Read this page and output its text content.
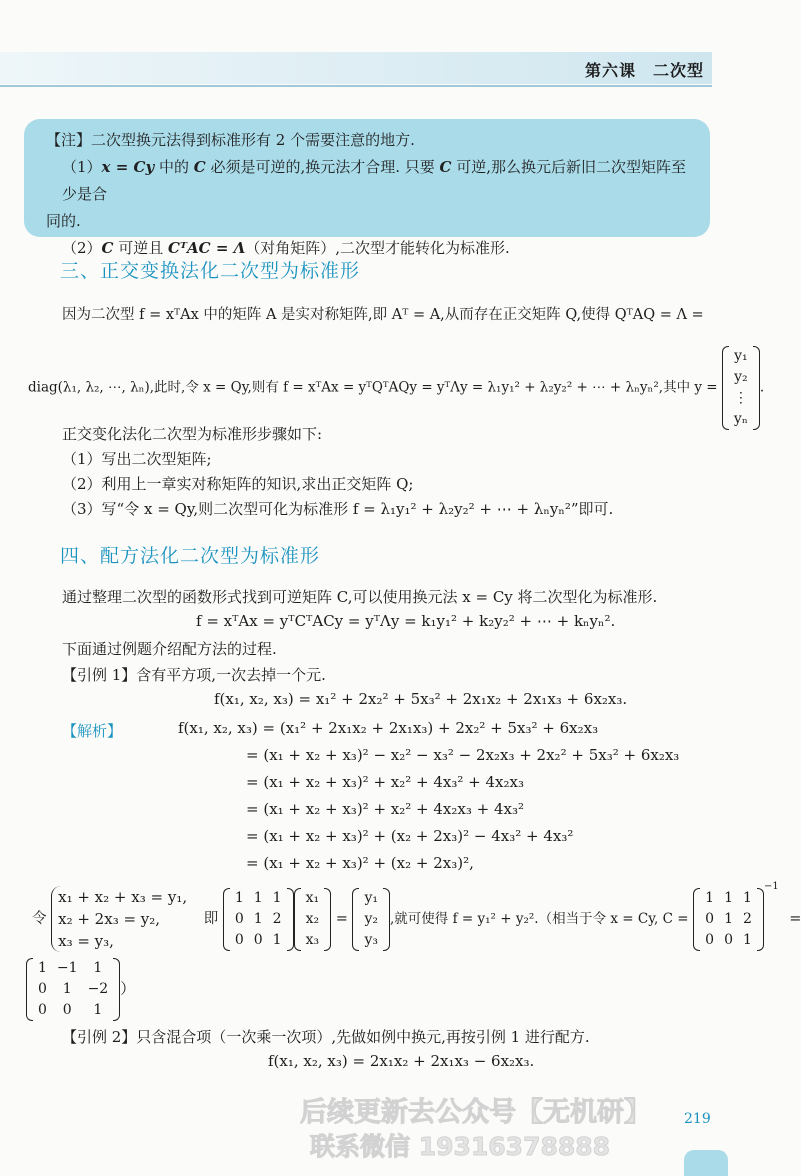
第六课　二次型

【注】二次型换元法得到标准形有 2 个需要注意的地方.

（1）x = Cy 中的 C 必须是可逆的,换元法才合理. 只要 C 可逆,那么换元后新旧二次型矩阵至少是合

同的.

（2）C 可逆且 CᵀAC = Λ（对角矩阵）,二次型才能转化为标准形.

三、正交变换法化二次型为标准形
因为二次型 f = xᵀAx 中的矩阵 A 是实对称矩阵,即 Aᵀ = A,从而存在正交矩阵 Q,使得 QᵀAQ = Λ =
diag(λ₁, λ₂, ⋯, λₙ),此时,令 x = Qy,则有 f = xᵀAx = yᵀQᵀAQy = yᵀΛy = λ₁y₁² + λ₂y₂² + ⋯ + λₙyₙ²,其中 y =
y₁
y₂
⋮
yₙ
.
正交变化法化二次型为标准形步骤如下:
（1）写出二次型矩阵;
（2）利用上一章实对称矩阵的知识,求出正交矩阵 Q;
（3）写“令 x = Qy,则二次型可化为标准形 f = λ₁y₁² + λ₂y₂² + ⋯ + λₙyₙ²”即可.
四、配方法化二次型为标准形
通过整理二次型的函数形式找到可逆矩阵 C,可以使用换元法 x = Cy 将二次型化为标准形.
f = xᵀAx = yᵀCᵀACy = yᵀΛy = k₁y₁² + k₂y₂² + ⋯ + kₙyₙ².
下面通过例题介绍配方法的过程.
【引例 1】含有平方项,一次去掉一个元.
f(x₁, x₂, x₃) = x₁² + 2x₂² + 5x₃² + 2x₁x₂ + 2x₁x₃ + 6x₂x₃.
【解析】	f(x₁, x₂, x₃) = (x₁² + 2x₁x₂ + 2x₁x₃) + 2x₂² + 5x₃² + 6x₂x₃
= (x₁ + x₂ + x₃)² − x₂² − x₃² − 2x₂x₃ + 2x₂² + 5x₃² + 6x₂x₃
= (x₁ + x₂ + x₃)² + x₂² + 4x₃² + 4x₂x₃
= (x₁ + x₂ + x₃)² + x₂² + 4x₂x₃ + 4x₃²
= (x₁ + x₂ + x₃)² + (x₂ + 2x₃)² − 4x₃² + 4x₃²
= (x₁ + x₂ + x₃)² + (x₂ + 2x₃)²,
令 x₁ + x₂ + x₃ = y₁,
x₂ + 2x₃ = y₂,
x₃ = y₃, 即
1	1	1
0	1	2
0	0	1
x₁
x₂
x₃
=
y₁
y₂
y₃
,就可使得 f = y₁² + y₂².（相当于令 x = Cy, C =
1	1	1
0	1	2
0	0	1
$^{-1}$ =
1	−1	1
0	1	−2
0	0	1
）
【引例 2】只含混合项（一次乘一次项）,先做如例中换元,再按引例 1 进行配方.
f(x₁, x₂, x₃) = 2x₁x₂ + 2x₁x₃ − 6x₂x₃.
后续更新去公众号【无机研】
联系微信 19316378888
219
